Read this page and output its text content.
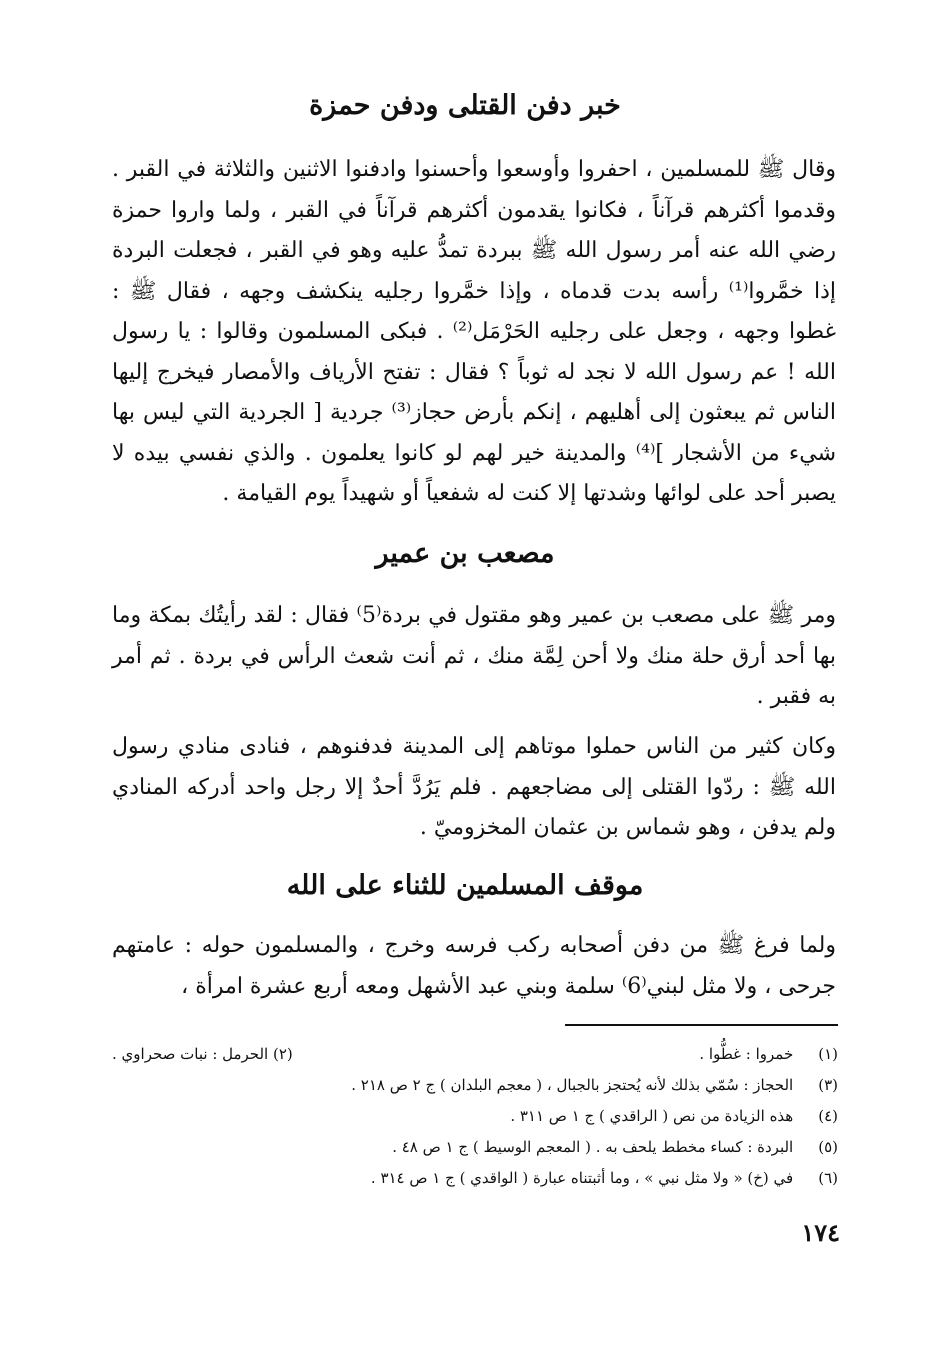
خبر دفن القتلى ودفن حمزة
وقال ﷺ للمسلمين ، احفروا وأوسعوا وأحسنوا وادفنوا الاثنين والثلاثة في القبر . وقدموا أكثرهم قرآناً ، فكانوا يقدمون أكثرهم قرآناً في القبر ، ولما واروا حمزة رضي الله عنه أمر رسول الله ﷺ ببردة تمدُّ عليه وهو في القبر ، فجعلت البردة إذا خمَّروا⁽¹⁾ رأسه بدت قدماه ، وإذا خمَّروا رجليه ينكشف وجهه ، فقال ﷺ : غطوا وجهه ، وجعل على رجليه الحَرْمَل⁽²⁾ . فبكى المسلمون وقالوا : يا رسول الله ! عم رسول الله لا نجد له ثوباً ؟ فقال : تفتح الأرياف والأمصار فيخرج إليها الناس ثم يبعثون إلى أهليهم ، إنكم بأرض حجاز⁽³⁾ جردية [ الجردية التي ليس بها شيء من الأشجار ]⁽⁴⁾ والمدينة خير لهم لو كانوا يعلمون . والذي نفسي بيده لا يصبر أحد على لوائها وشدتها إلا كنت له شفعياً أو شهيداً يوم القيامة .
مصعب بن عمير
ومر ﷺ على مصعب بن عمير وهو مقتول في بردة⁽5⁾ فقال : لقد رأيتُك بمكة وما بها أحد أرق حلة منك ولا أحن لِمَّة منك ، ثم أنت شعث الرأس في بردة . ثم أمر به فقبر .
وكان كثير من الناس حملوا موتاهم إلى المدينة فدفنوهم ، فنادى منادي رسول الله ﷺ : ردّوا القتلى إلى مضاجعهم . فلم يَرُدَّ أحدٌ إلا رجل واحد أدركه المنادي ولم يدفن ، وهو شماس بن عثمان المخزوميّ .
موقف المسلمين للثناء على الله
ولما فرغ ﷺ من دفن أصحابه ركب فرسه وخرج ، والمسلمون حوله : عامتهم جرحى ، ولا مثل لبني⁽6⁾ سلمة وبني عبد الأشهل ومعه أربع عشرة امرأة ،
(١) خمروا : غطُّوا .
(٢) الحرمل : نبات صحراوي .
(٣) الحجاز : سُمّي بذلك لأنه يُحتجز بالجبال ، ( معجم البلدان ) ج ٢ ص ٢١٨ .
(٤) هذه الزيادة من نص ( الراقدي ) ج ١ ص ٣١١ .
(٥) البردة : كساء مخطط يلحف به . ( المعجم الوسيط ) ج ١ ص ٤٨ .
(٦) في (خ) « ولا مثل نبي » ، وما أثبتناه عبارة ( الواقدي ) ج ١ ص ٣١٤ .
١٧٤
